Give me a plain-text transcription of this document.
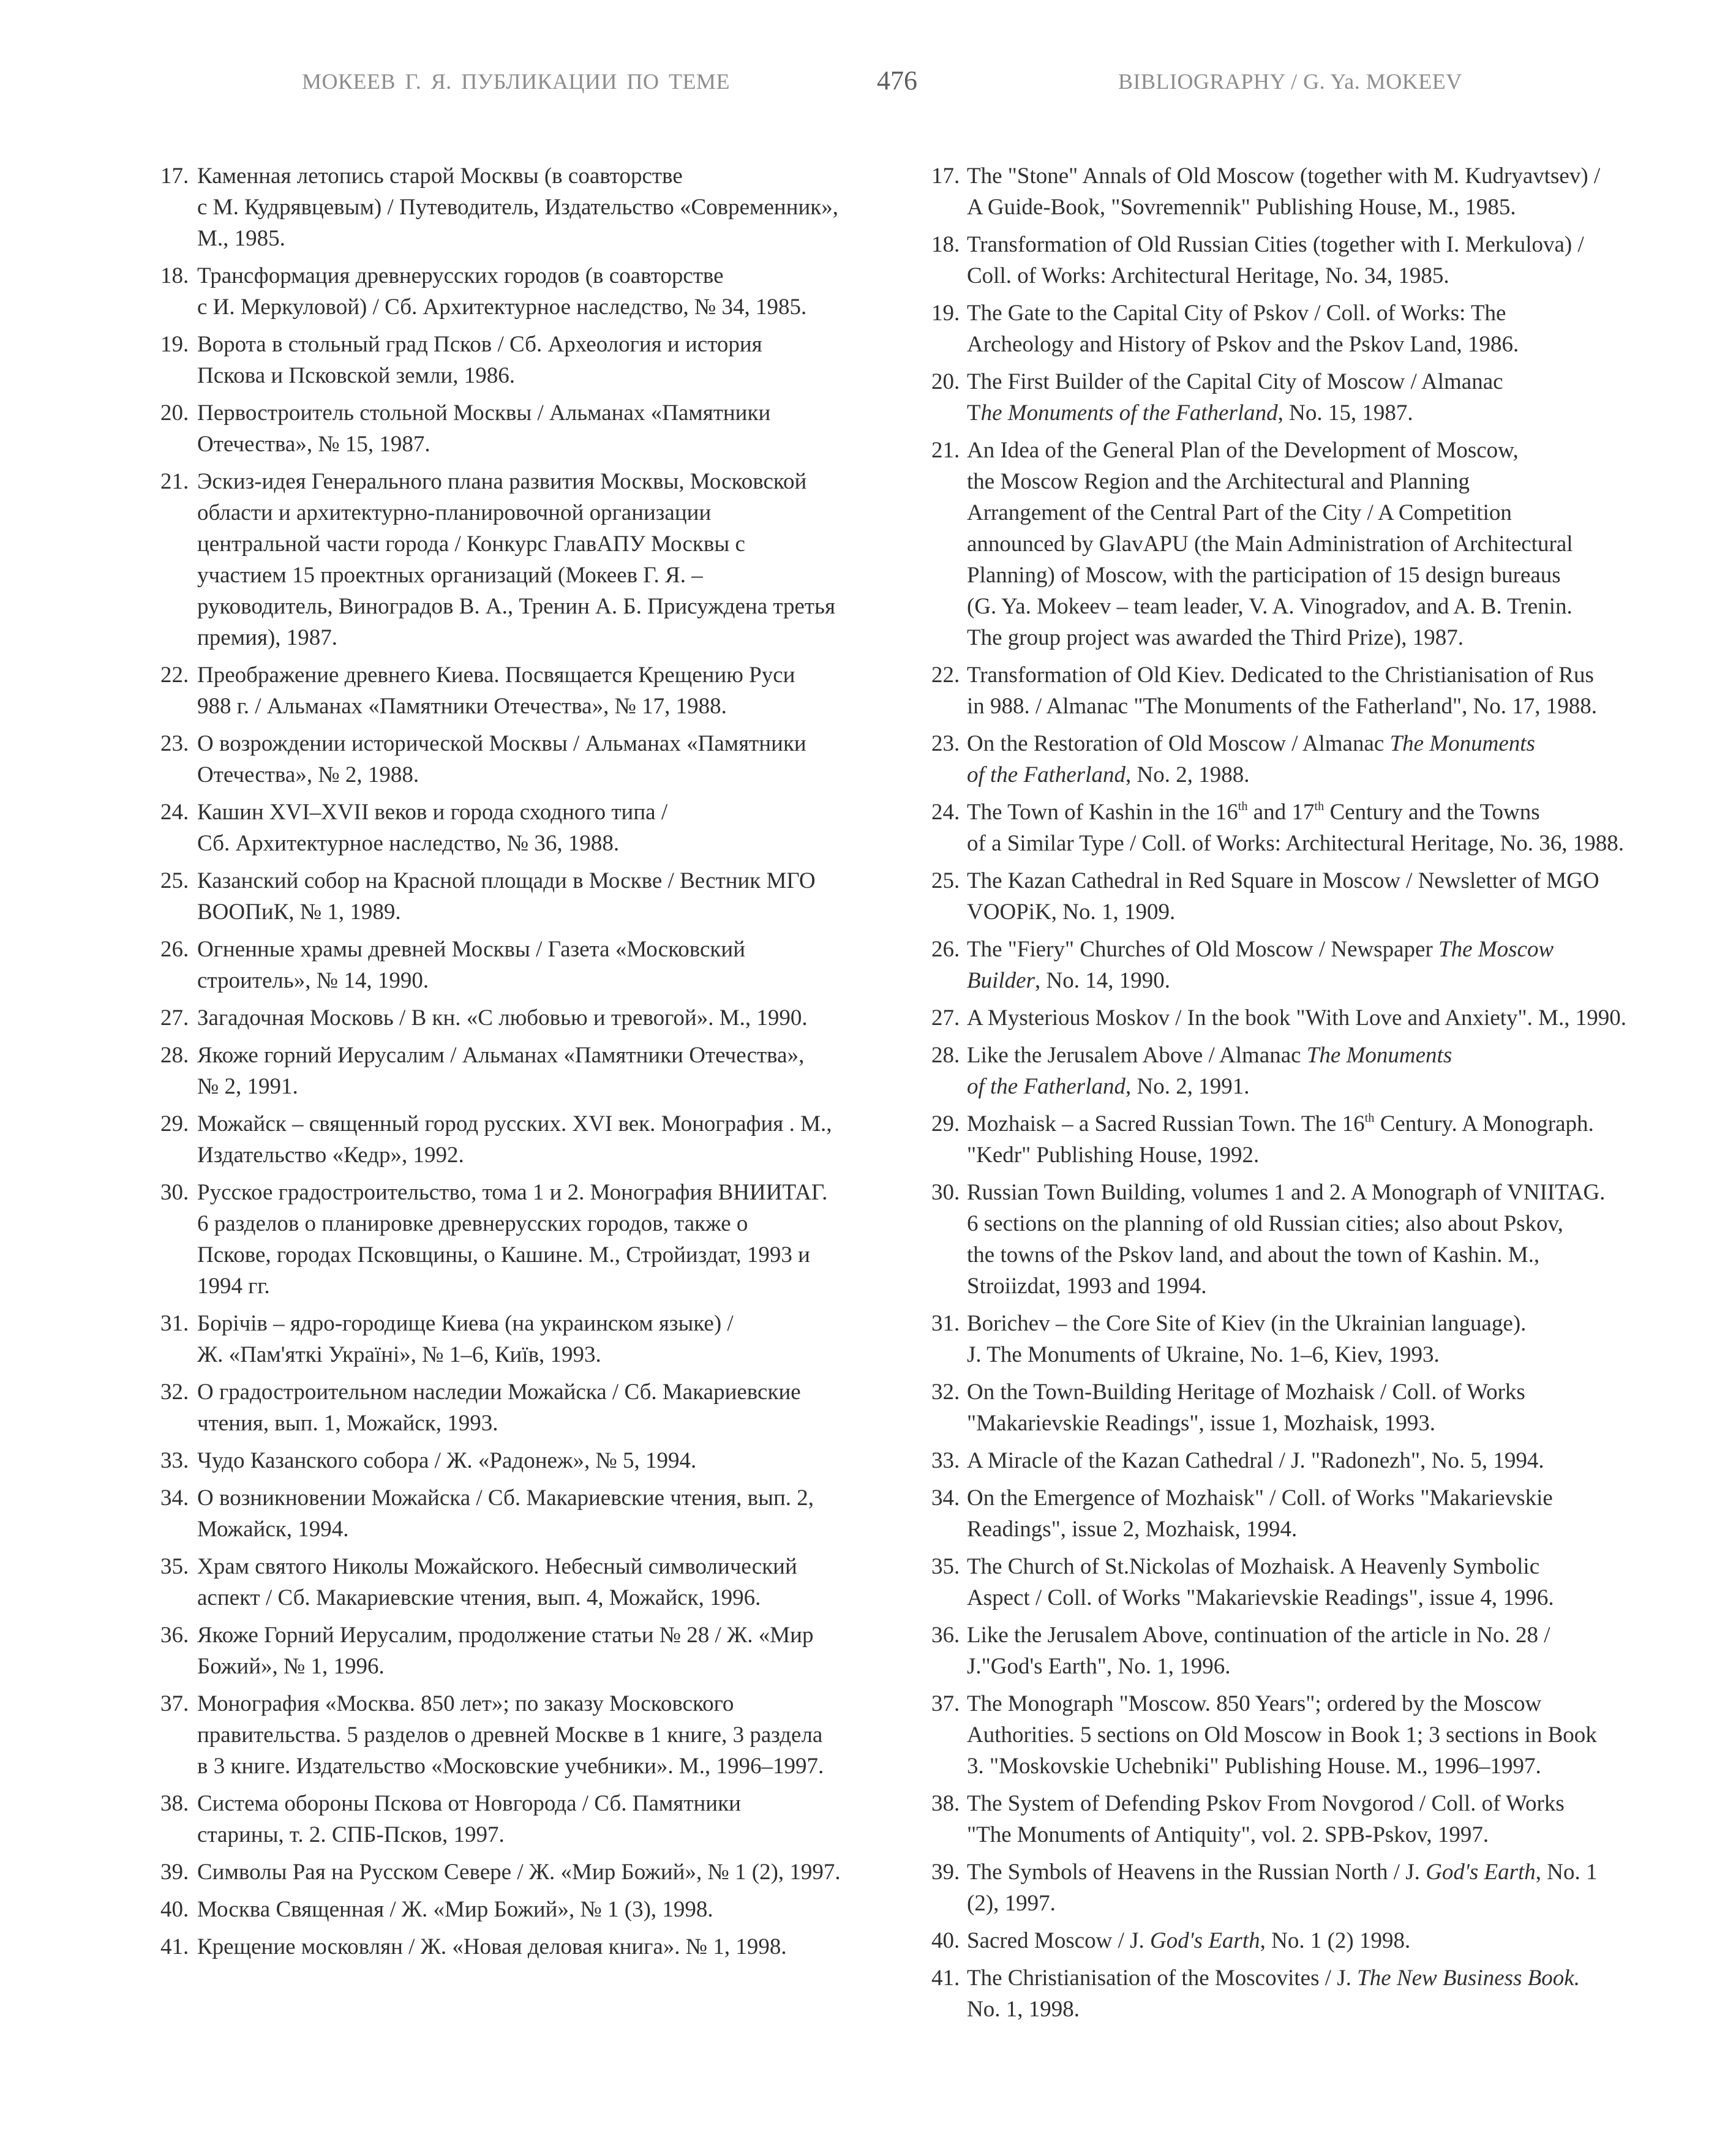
МОКЕЕВ Г. Я. ПУБЛИКАЦИИ ПО ТЕМЕ	476	BIBLIOGRAPHY / G. Ya. MOKEEV
17. Каменная летопись старой Москвы (в соавторстве
с М. Кудрявцевым) / Путеводитель, Издательство «Современник»,
М., 1985.
18. Трансформация древнерусских городов (в соавторстве
с И. Меркуловой) / Сб. Архитектурное наследство, № 34, 1985.
19. Ворота в стольный град Псков / Сб. Археология и история
Пскова и Псковской земли, 1986.
20. Первостроитель стольной Москвы / Альманах «Памятники
Отечества», № 15, 1987.
21. Эскиз-идея Генерального плана развития Москвы, Московской
области и архитектурно-планировочной организации
центральной части города / Конкурс ГлавАПУ Москвы с
участием 15 проектных организаций (Мокеев Г. Я. –
руководитель, Виноградов В. А., Тренин А. Б. Присуждена третья
премия), 1987.
22. Преображение древнего Киева. Посвящается Крещению Руси
988 г. / Альманах «Памятники Отечества», № 17, 1988.
23. О возрождении исторической Москвы / Альманах «Памятники
Отечества», № 2, 1988.
24. Кашин XVI–XVII веков и города сходного типа /
Сб. Архитектурное наследство, № 36, 1988.
25. Казанский собор на Красной площади в Москве / Вестник МГО
ВООПиК, № 1, 1989.
26. Огненные храмы древней Москвы / Газета «Московский
строитель», № 14, 1990.
27. Загадочная Московь / В кн. «С любовью и тревогой». М., 1990.
28. Якоже горний Иерусалим / Альманах «Памятники Отечества»,
№ 2, 1991.
29. Можайск – священный город русских. XVI век. Монография . М.,
Издательство «Кедр», 1992.
30. Русское градостроительство, тома 1 и 2. Монография ВНИИТАГ.
6 разделов о планировке древнерусских городов, также о
Пскове, городах Псковщины, о Кашине. М., Стройиздат, 1993 и
1994 гг.
31. Борічів – ядро-городище Киева (на украинском языке) /
Ж. «Пам'яткі Україні», № 1–6, Київ, 1993.
32. О градостроительном наследии Можайска / Сб. Макариевские
чтения, вып. 1, Можайск, 1993.
33. Чудо Казанского собора / Ж. «Радонеж», № 5, 1994.
34. О возникновении Можайска / Сб. Макариевские чтения, вып. 2,
Можайск, 1994.
35. Храм святого Николы Можайского. Небесный символический
аспект / Сб. Макариевские чтения, вып. 4, Можайск, 1996.
36. Якоже Горний Иерусалим, продолжение статьи № 28 / Ж. «Мир
Божий», № 1, 1996.
37. Монография «Москва. 850 лет»; по заказу Московского
правительства. 5 разделов о древней Москве в 1 книге, 3 раздела
в 3 книге. Издательство «Московские учебники». М., 1996–1997.
38. Система обороны Пскова от Новгорода / Сб. Памятники
старины, т. 2. СПБ-Псков, 1997.
39. Символы Рая на Русском Севере / Ж. «Мир Божий», № 1 (2), 1997.
40. Москва Священная / Ж. «Мир Божий», № 1 (3), 1998.
41. Крещение московлян / Ж. «Новая деловая книга». № 1, 1998.
17. The "Stone" Annals of Old Moscow (together with M. Kudryavtsev) /
A Guide-Book, "Sovremennik" Publishing House, M., 1985.
18. Transformation of Old Russian Cities (together with I. Merkulova) /
Coll. of Works: Architectural Heritage, No. 34, 1985.
19. The Gate to the Capital City of Pskov / Coll. of Works: The
Archeology and History of Pskov and the Pskov Land, 1986.
20. The First Builder of the Capital City of Moscow / Almanac
The Monuments of the Fatherland, No. 15, 1987.
21. An Idea of the General Plan of the Development of Moscow,
the Moscow Region and the Architectural and Planning
Arrangement of the Central Part of the City / A Competition
announced by GlavAPU (the Main Administration of Architectural
Planning) of Moscow, with the participation of 15 design bureaus
(G. Ya. Mokeev – team leader, V. A. Vinogradov, and A. B. Trenin.
The group project was awarded the Third Prize), 1987.
22. Transformation of Old Kiev. Dedicated to the Christianisation of Rus
in 988. / Almanac "The Monuments of the Fatherland", No. 17, 1988.
23. On the Restoration of Old Moscow / Almanac The Monuments
of the Fatherland, No. 2, 1988.
24. The Town of Kashin in the 16th and 17th Century and the Towns
of a Similar Type / Coll. of Works: Architectural Heritage, No. 36, 1988.
25. The Kazan Cathedral in Red Square in Moscow / Newsletter of MGO
VOOPiK, No. 1, 1909.
26. The "Fiery" Churches of Old Moscow / Newspaper The Moscow
Builder, No. 14, 1990.
27. A Mysterious Moskov / In the book "With Love and Anxiety". M., 1990.
28. Like the Jerusalem Above / Almanac The Monuments
of the Fatherland, No. 2, 1991.
29. Mozhaisk – a Sacred Russian Town. The 16th Century. A Monograph.
"Kedr" Publishing House, 1992.
30. Russian Town Building, volumes 1 and 2. A Monograph of VNIITAG.
6 sections on the planning of old Russian cities; also about Pskov,
the towns of the Pskov land, and about the town of Kashin. M.,
Stroiizdat, 1993 and 1994.
31. Borichev – the Core Site of Kiev (in the Ukrainian language).
J. The Monuments of Ukraine, No. 1–6, Kiev, 1993.
32. On the Town-Building Heritage of Mozhaisk / Coll. of Works
"Makarievskie Readings", issue 1, Mozhaisk, 1993.
33. A Miracle of the Kazan Cathedral / J. "Radonezh", No. 5, 1994.
34. On the Emergence of Mozhaisk" / Coll. of Works "Makarievskie
Readings", issue 2, Mozhaisk, 1994.
35. The Church of St.Nickolas of Mozhaisk. A Heavenly Symbolic
Aspect / Coll. of Works "Makarievskie Readings", issue 4, 1996.
36. Like the Jerusalem Above, continuation of the article in No. 28 /
J."God's Earth", No. 1, 1996.
37. The Monograph "Moscow. 850 Years"; ordered by the Moscow
Authorities. 5 sections on Old Moscow in Book 1; 3 sections in Book
3. "Moskovskie Uchebniki" Publishing House. M., 1996–1997.
38. The System of Defending Pskov From Novgorod / Coll. of Works
"The Monuments of Antiquity", vol. 2. SPB-Pskov, 1997.
39. The Symbols of Heavens in the Russian North / J. God's Earth, No. 1
(2), 1997.
40. Sacred Moscow / J. God's Earth, No. 1 (2) 1998.
41. The Christianisation of the Moscovites / J. The New Business Book.
No. 1, 1998.
